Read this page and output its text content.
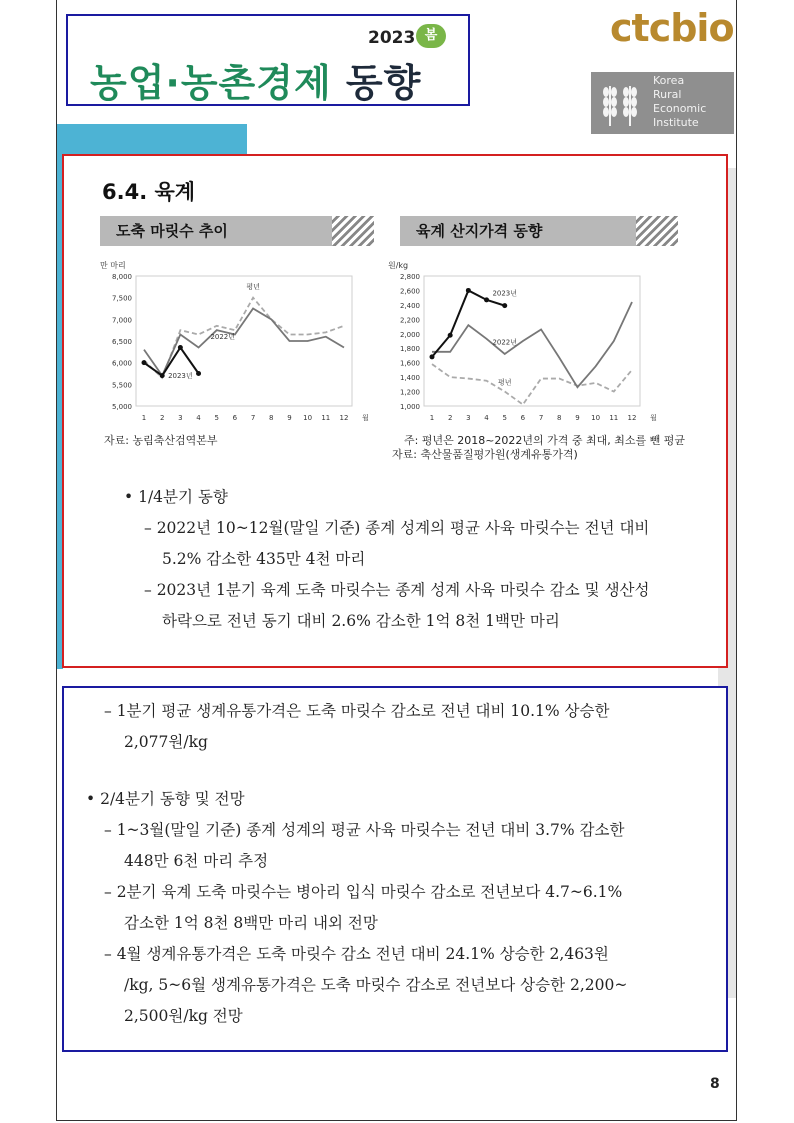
2023 봄
농업·농촌경제 동향
ctcbio
Korea
Rural
Economic
Institute
6.4. 육계
도축 마릿수 추이	육계 산지가격 동향
만 마리
8,000
7,500
7,000
6,500
6,000
5,500
5,000
1 2 3 4 5 6 7 8 9 10 11 12 월
평년
2022년
2023년
원/kg
2,800
2,600
2,400
2,200
2,000
1,800
1,600
1,400
1,200
1,000
1 2 3 4 5 6 7 8 9 10 11 12 월
평년
2022년
2023년
자료: 농림축산검역본부	주: 평년은 2018~2022년의 가격 중 최대, 최소를 뺀 평균
자료: 축산물품질평가원(생계유통가격)
• 1/4분기 동향
– 2022년 10~12월(말일 기준) 종계 성계의 평균 사육 마릿수는 전년 대비
5.2% 감소한 435만 4천 마리
– 2023년 1분기 육계 도축 마릿수는 종계 성계 사육 마릿수 감소 및 생산성
하락으로 전년 동기 대비 2.6% 감소한 1억 8천 1백만 마리
– 1분기 평균 생계유통가격은 도축 마릿수 감소로 전년 대비 10.1% 상승한
2,077원/kg
• 2/4분기 동향 및 전망
– 1~3월(말일 기준) 종계 성계의 평균 사육 마릿수는 전년 대비 3.7% 감소한
448만 6천 마리 추정
– 2분기 육계 도축 마릿수는 병아리 입식 마릿수 감소로 전년보다 4.7~6.1%
감소한 1억 8천 8백만 마리 내외 전망
– 4월 생계유통가격은 도축 마릿수 감소 전년 대비 24.1% 상승한 2,463원
/kg, 5~6월 생계유통가격은 도축 마릿수 감소로 전년보다 상승한 2,200~
2,500원/kg 전망
8
